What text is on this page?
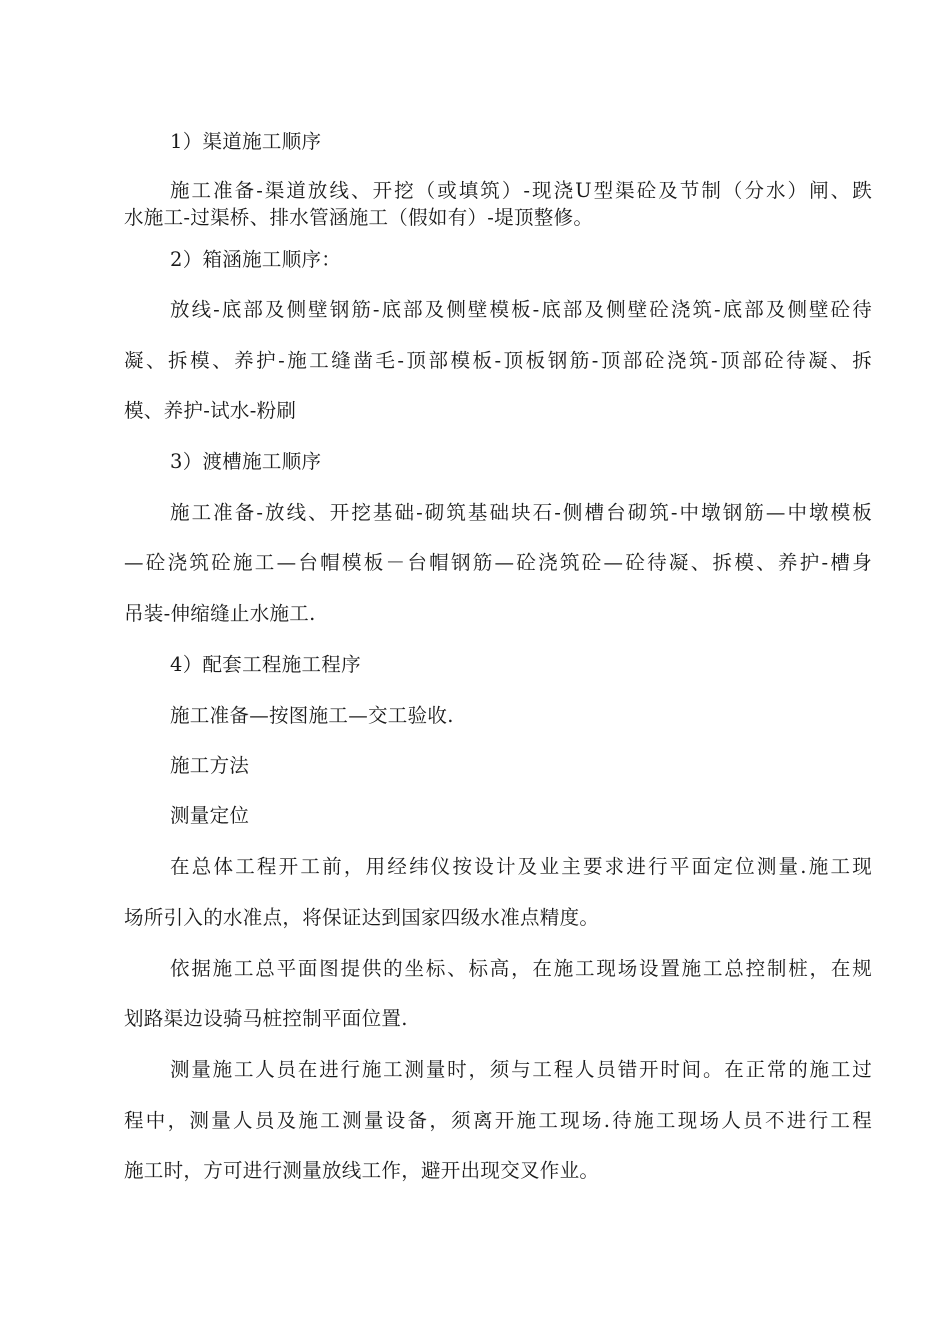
1）渠道施工顺序
施工准备-渠道放线、开挖（或填筑）-现浇U型渠砼及节制（分水）闸、跌
水施工-过渠桥、排水管涵施工（假如有）-堤顶整修。
2）箱涵施工顺序：
放线-底部及侧壁钢筋-底部及侧壁模板-底部及侧壁砼浇筑-底部及侧壁砼待
凝、拆模、养护-施工缝凿毛-顶部模板-顶板钢筋-顶部砼浇筑-顶部砼待凝、拆
模、养护-试水-粉刷
3）渡槽施工顺序
施工准备-放线、开挖基础-砌筑基础块石-侧槽台砌筑-中墩钢筋—中墩模板
—砼浇筑砼施工—台帽模板－台帽钢筋—砼浇筑砼—砼待凝、拆模、养护-槽身
吊装-伸缩缝止水施工.
4）配套工程施工程序
施工准备—按图施工—交工验收.
施工方法
测量定位
在总体工程开工前，用经纬仪按设计及业主要求进行平面定位测量.施工现
场所引入的水准点，将保证达到国家四级水准点精度。
依据施工总平面图提供的坐标、标高，在施工现场设置施工总控制桩，在规
划路渠边设骑马桩控制平面位置.
测量施工人员在进行施工测量时，须与工程人员错开时间。在正常的施工过
程中，测量人员及施工测量设备，须离开施工现场.待施工现场人员不进行工程
施工时，方可进行测量放线工作，避开出现交叉作业。
